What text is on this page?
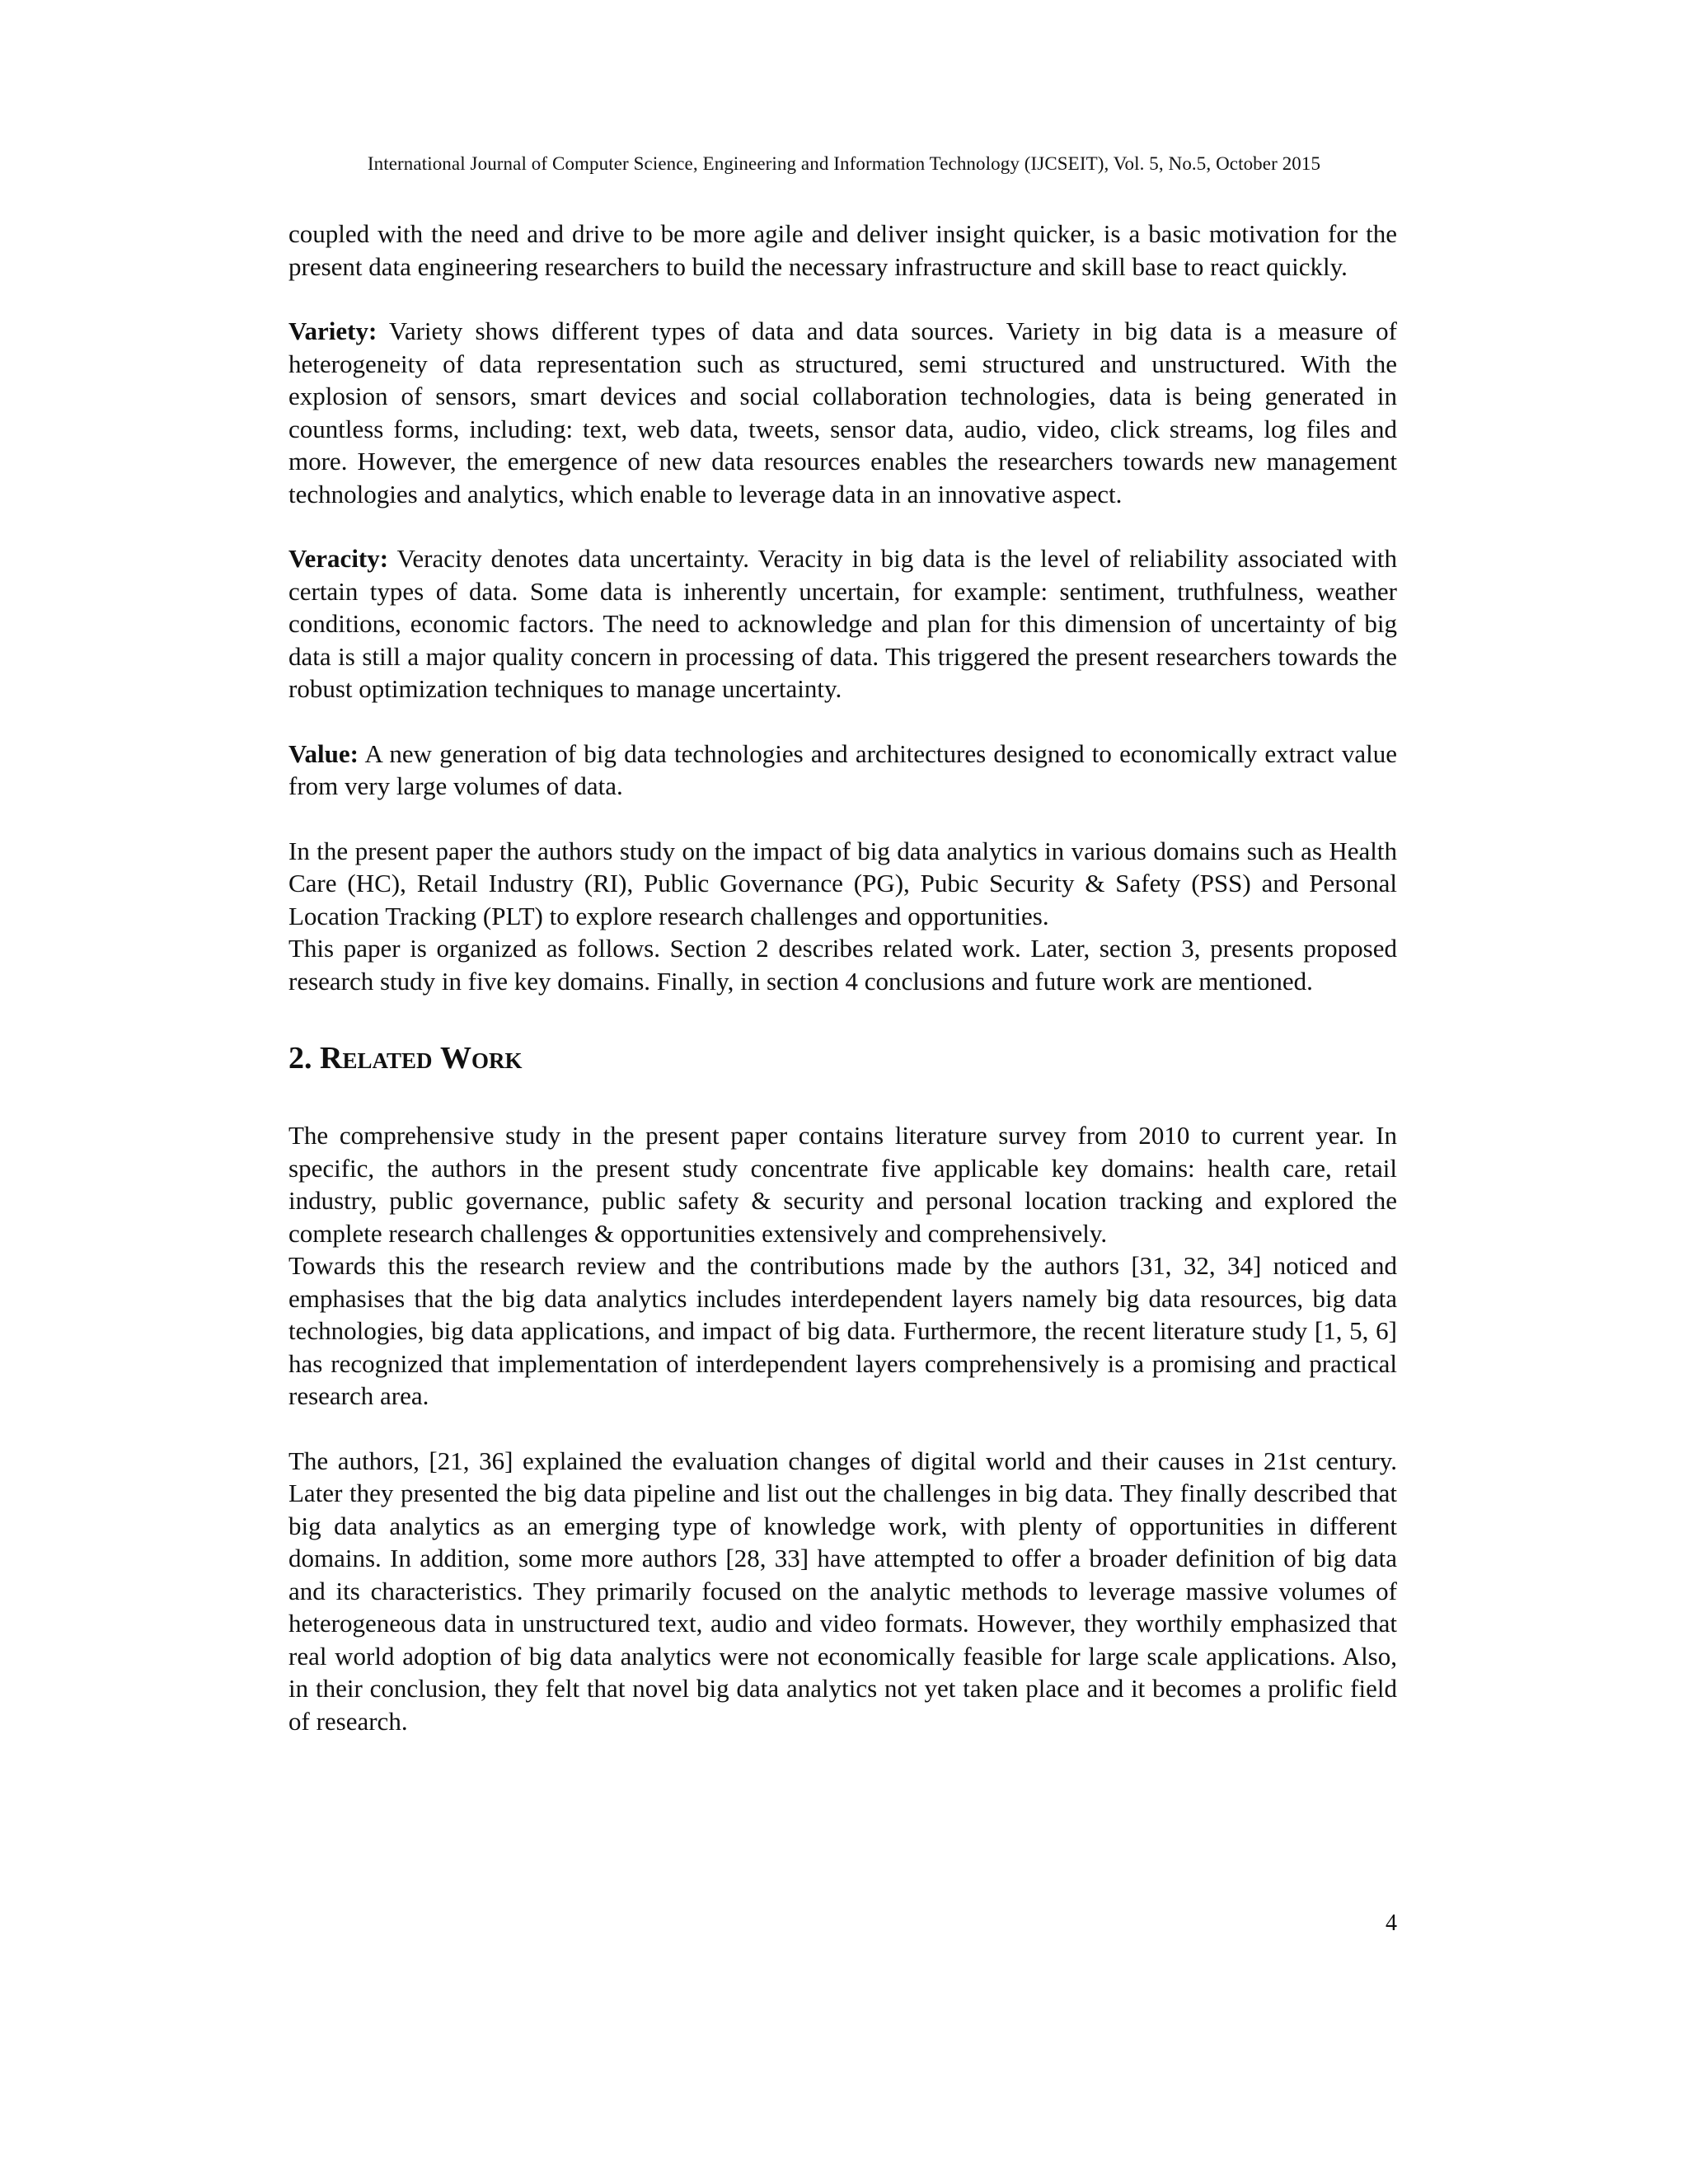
International Journal of Computer Science, Engineering and Information Technology (IJCSEIT), Vol. 5, No.5, October 2015

coupled with the need and drive to be more agile and deliver insight quicker, is a basic motivation for the present data engineering researchers to build the necessary infrastructure and skill base to react quickly.

Variety: Variety shows different types of data and data sources. Variety in big data is a measure of heterogeneity of data representation such as structured, semi structured and unstructured. With the explosion of sensors, smart devices and social collaboration technologies, data is being generated in countless forms, including: text, web data, tweets, sensor data, audio, video, click streams, log files and more. However, the emergence of new data resources enables the researchers towards new management technologies and analytics, which enable to leverage data in an innovative aspect.

Veracity: Veracity denotes data uncertainty. Veracity in big data is the level of reliability associated with certain types of data. Some data is inherently uncertain, for example: sentiment, truthfulness, weather conditions, economic factors. The need to acknowledge and plan for this dimension of uncertainty of big data is still a major quality concern in processing of data. This triggered the present researchers towards the robust optimization techniques to manage uncertainty.

Value: A new generation of big data technologies and architectures designed to economically extract value from very large volumes of data.

In the present paper the authors study on the impact of big data analytics in various domains such as Health Care (HC), Retail Industry (RI), Public Governance (PG), Pubic Security & Safety (PSS) and Personal Location Tracking (PLT) to explore research challenges and opportunities.

This paper is organized as follows. Section 2 describes related work. Later, section 3, presents proposed research study in five key domains. Finally, in section 4 conclusions and future work are mentioned.

2. Related Work

The comprehensive study in the present paper contains literature survey from 2010 to current year. In specific, the authors in the present study concentrate five applicable key domains: health care, retail industry, public governance, public safety & security and personal location tracking and explored the complete research challenges & opportunities extensively and comprehensively.

Towards this the research review and the contributions made by the authors [31, 32, 34] noticed and emphasises that the big data analytics includes interdependent layers namely big data resources, big data technologies, big data applications, and impact of big data. Furthermore, the recent literature study [1, 5, 6] has recognized that implementation of interdependent layers comprehensively is a promising and practical research area.

The authors, [21, 36] explained the evaluation changes of digital world and their causes in 21st century. Later they presented the big data pipeline and list out the challenges in big data. They finally described that big data analytics as an emerging type of knowledge work, with plenty of opportunities in different domains. In addition, some more authors [28, 33] have attempted to offer a broader definition of big data and its characteristics. They primarily focused on the analytic methods to leverage massive volumes of heterogeneous data in unstructured text, audio and video formats. However, they worthily emphasized that real world adoption of big data analytics were not economically feasible for large scale applications. Also, in their conclusion, they felt that novel big data analytics not yet taken place and it becomes a prolific field of research.

4
